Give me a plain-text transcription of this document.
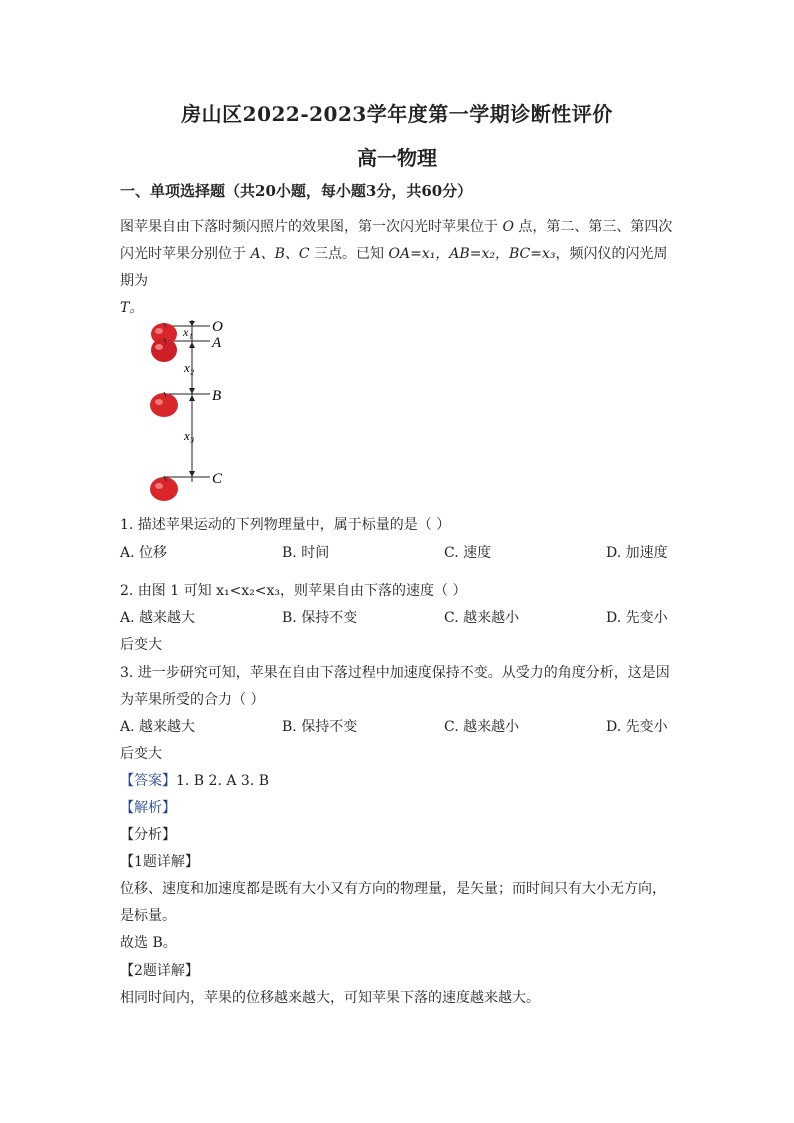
房山区2022-2023学年度第一学期诊断性评价
高一物理
一、单项选择题（共20小题，每小题3分，共60分）
图苹果自由下落时频闪照片的效果图，第一次闪光时苹果位于 O 点，第二、第三、第四次
闪光时苹果分别位于 A、B、C 三点。已知 OA=x₁，AB=x₂，BC=x₃，频闪仪的闪光周期为
T。
O
A
B
C
x₁
x₂
x₃
1. 描述苹果运动的下列物理量中，属于标量的是（ ）
A. 位移	B. 时间	C. 速度	D. 加速度
2. 由图 1 可知 x₁<x₂<x₃，则苹果自由下落的速度（ ）
A. 越来越大	B. 保持不变	C. 越来越小	D. 先变小
后变大
3. 进一步研究可知，苹果在自由下落过程中加速度保持不变。从受力的角度分析，这是因
为苹果所受的合力（ ）
A. 越来越大	B. 保持不变	C. 越来越小	D. 先变小
后变大
【答案】1. B 2. A 3. B
【解析】
【分析】
【1题详解】
位移、速度和加速度都是既有大小又有方向的物理量，是矢量；而时间只有大小无方向，
是标量。
故选 B。
【2题详解】
相同时间内，苹果的位移越来越大，可知苹果下落的速度越来越大。
